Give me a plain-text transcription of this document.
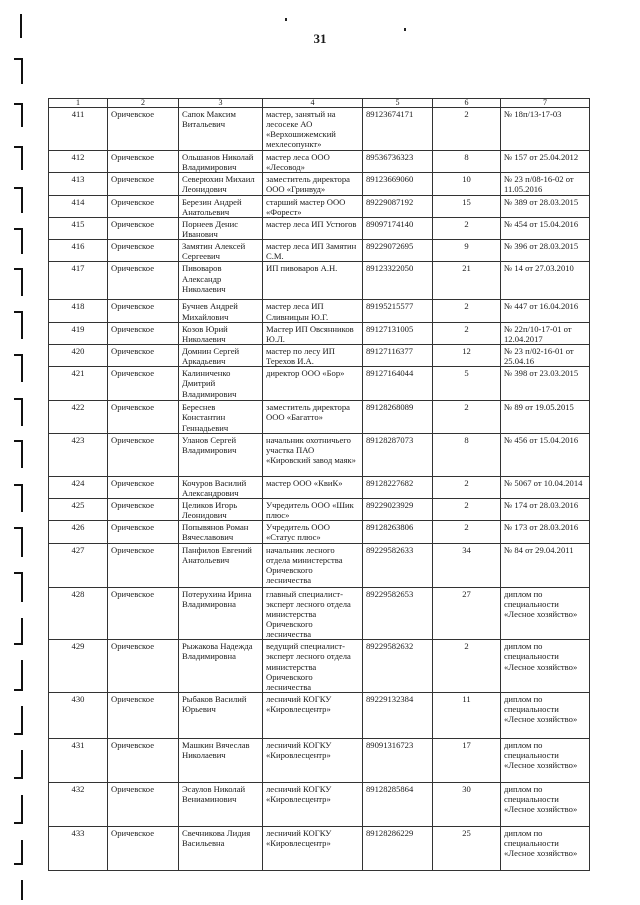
31
1	2	3	4	5	6	7
411	Оричевское	Сапок Максим Витальевич	мастер, занятый на лесосеке АО «Верхошижемский мехлесопункт»	89123674171	2	№ 18п/13-17-03
412	Оричевское	Ольшанов Николай Владимирович	мастер леса ООО «Лесовод»	89536736323	8	№ 157 от 25.04.2012
413	Оричевское	Северюхин Михаил Леонидович	заместитель директора ООО «Гринвуд»	89123669060	10	№ 23 п/08-16-02 от 11.05.2016
414	Оричевское	Березин Андрей Анатольевич	старший мастер ООО «Форест»	89229087192	15	№ 389 от 28.03.2015
415	Оричевское	Порнеев Денис Иванович	мастер леса ИП Устюгов	89097174140	2	№ 454 от 15.04.2016
416	Оричевское	Замятин Алексей Сергеевич	мастер леса ИП Замятин С.М.	89229072695	9	№ 396 от 28.03.2015
417	Оричевское	Пивоваров Александр Николаевич	ИП пивоваров А.Н.	89123322050	21	№ 14 от 27.03.2010
418	Оричевское	Бучнев Андрей Михайлович	мастер леса ИП Сливницын Ю.Г.	89195215577	2	№ 447 от 16.04.2016
419	Оричевское	Козов Юрий Николаевич	Мастер ИП Овсянников Ю.Л.	89127131005	2	№ 22п/10-17-01 от 12.04.2017
420	Оричевское	Домнин Сергей Аркадьевич	мастер по лесу ИП Терехов И.А.	89127116377	12	№ 23 п/02-16-01 от 25.04.16
421	Оричевское	Калиниченко Дмитрий Владимирович	директор ООО «Бор»	89127164044	5	№ 398 от 23.03.2015
422	Оричевское	Береснев Константин Геннадьевич	заместитель директора ООО «Багатто»	89128268089	2	№ 89 от 19.05.2015
423	Оричевское	Уланов Сергей Владимирович	начальник охотничьего участка ПАО «Кировский завод маяк»	89128287073	8	№ 456 от 15.04.2016
424	Оричевское	Кочуров Василий Александрович	мастер ООО «КвиК»	89128227682	2	№ 5067 от 10.04.2014
425	Оричевское	Целиков Игорь Леонидович	Учредитель ООО «Шик плюс»	89229023929	2	№ 174 от 28.03.2016
426	Оричевское	Попывянов Роман Вячеславович	Учредитель ООО «Статус плюс»	89128263806	2	№ 173 от 28.03.2016
427	Оричевское	Панфилов Евгений Анатольевич	начальник лесного отдела министерства Оричевского лесничества	89229582633	34	№ 84 от 29.04.2011
428	Оричевское	Потерухина Ирина Владимировна	главный специалист-эксперт лесного отдела министерства Оричевского лесничества	89229582653	27	диплом по специальности «Лесное хозяйство»
429	Оричевское	Рыжакова Надежда Владимировна	ведущий специалист-эксперт лесного отдела министерства Оричевского лесничества	89229582632	2	диплом по специальности «Лесное хозяйство»
430	Оричевское	Рыбаков Василий Юрьевич	лесничий КОГКУ «Кировлесцентр»	89229132384	11	диплом по специальности «Лесное хозяйство»
431	Оричевское	Машкин Вячеслав Николаевич	лесничий КОГКУ «Кировлесцентр»	89091316723	17	диплом по специальности «Лесное хозяйство»
432	Оричевское	Эсаулов Николай Вениаминович	лесничий КОГКУ «Кировлесцентр»	89128285864	30	диплом по специальности «Лесное хозяйство»
433	Оричевское	Свечникова Лидия Васильевна	лесничий КОГКУ «Кировлесцентр»	89128286229	25	диплом по специальности «Лесное хозяйство»
